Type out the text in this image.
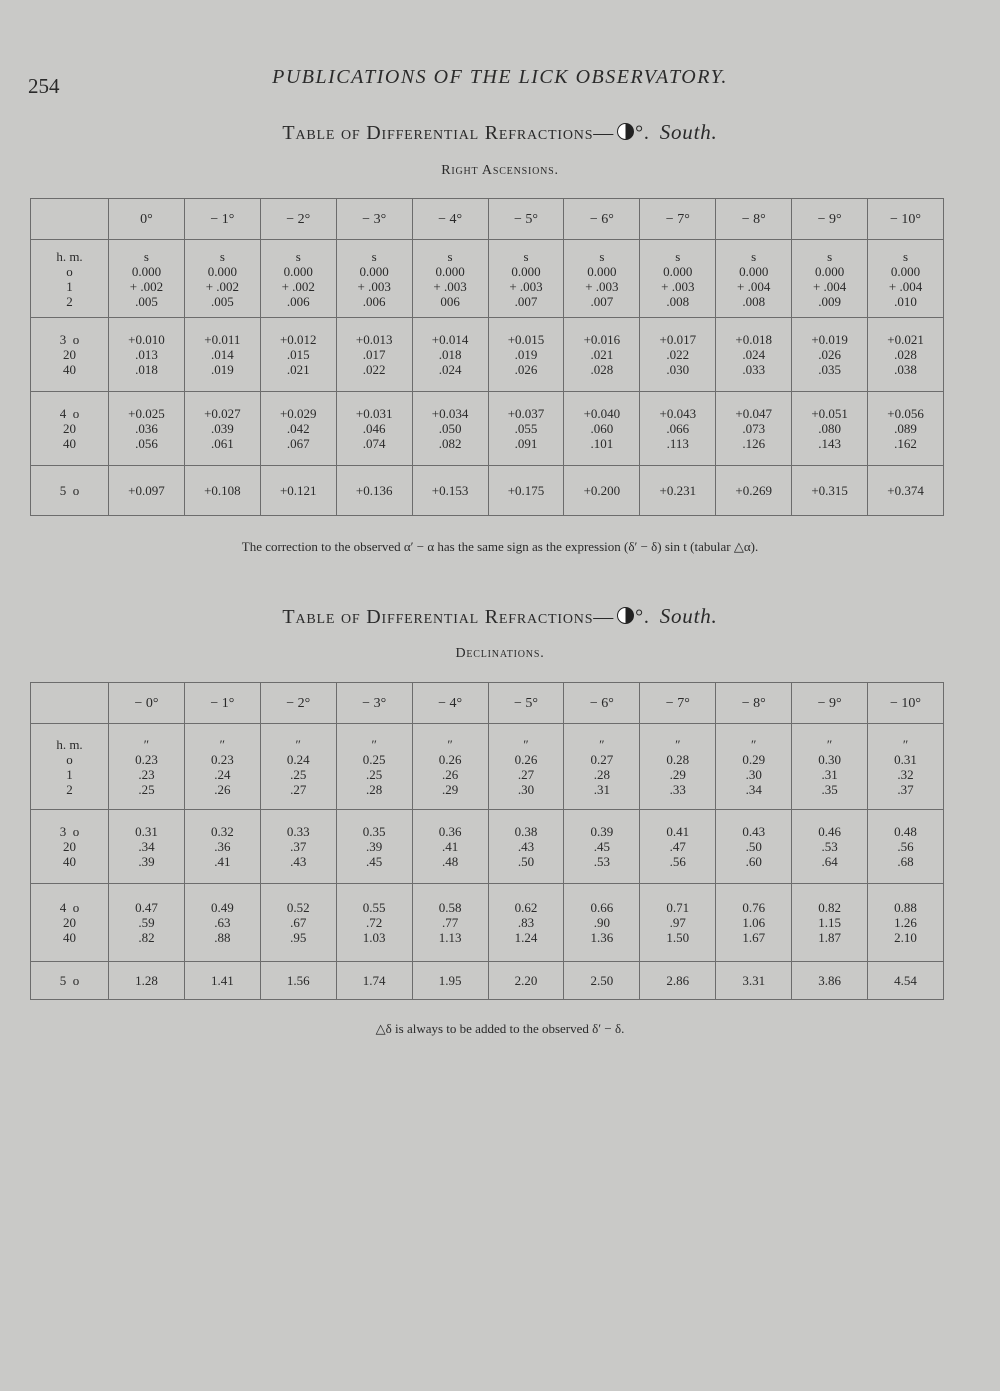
254	PUBLICATIONS OF THE LICK OBSERVATORY.
Table of Differential Refractions— °. South.
Right Ascensions.
	0°	− 1°	− 2°	− 3°	− 4°	− 5°	− 6°	− 7°	− 8°	− 9°	− 10°

h. m.
o
1
2	s
0.000
+ .002
.005	s
0.000
+ .002
.005	s
0.000
+ .002
.006	s
0.000
+ .003
.006	s
0.000
+ .003
006	s
0.000
+ .003
.007	s
0.000
+ .003
.007	s
0.000
+ .003
.008	s
0.000
+ .004
.008	s
0.000
+ .004
.009	s
0.000
+ .004
.010

3  o
20
40	+0.010
.013
.018	+0.011
.014
.019	+0.012
.015
.021	+0.013
.017
.022	+0.014
.018
.024	+0.015
.019
.026	+0.016
.021
.028	+0.017
.022
.030	+0.018
.024
.033	+0.019
.026
.035	+0.021
.028
.038

4  o
20
40	+0.025
.036
.056	+0.027
.039
.061	+0.029
.042
.067	+0.031
.046
.074	+0.034
.050
.082	+0.037
.055
.091	+0.040
.060
.101	+0.043
.066
.113	+0.047
.073
.126	+0.051
.080
.143	+0.056
.089
.162

5  o	+0.097	+0.108	+0.121	+0.136	+0.153	+0.175	+0.200	+0.231	+0.269	+0.315	+0.374
The correction to the observed α′ − α has the same sign as the expression (δ′ − δ) sin t (tabular △α).
Table of Differential Refractions— °. South.
Declinations.
	− 0°	− 1°	− 2°	− 3°	− 4°	− 5°	− 6°	− 7°	− 8°	− 9°	− 10°

h. m.
o
1
2	″
0.23
.23
.25	″
0.23
.24
.26	″
0.24
.25
.27	″
0.25
.25
.28	″
0.26
.26
.29	″
0.26
.27
.30	″
0.27
.28
.31	″
0.28
.29
.33	″
0.29
.30
.34	″
0.30
.31
.35	″
0.31
.32
.37

3  o
20
40	0.31
.34
.39	0.32
.36
.41	0.33
.37
.43	0.35
.39
.45	0.36
.41
.48	0.38
.43
.50	0.39
.45
.53	0.41
.47
.56	0.43
.50
.60	0.46
.53
.64	0.48
.56
.68

4  o
20
40	0.47
.59
.82	0.49
.63
.88	0.52
.67
.95	0.55
.72
1.03	0.58
.77
1.13	0.62
.83
1.24	0.66
.90
1.36	0.71
.97
1.50	0.76
1.06
1.67	0.82
1.15
1.87	0.88
1.26
2.10

5  o	1.28	1.41	1.56	1.74	1.95	2.20	2.50	2.86	3.31	3.86	4.54
△δ is always to be added to the observed δ′ − δ.
